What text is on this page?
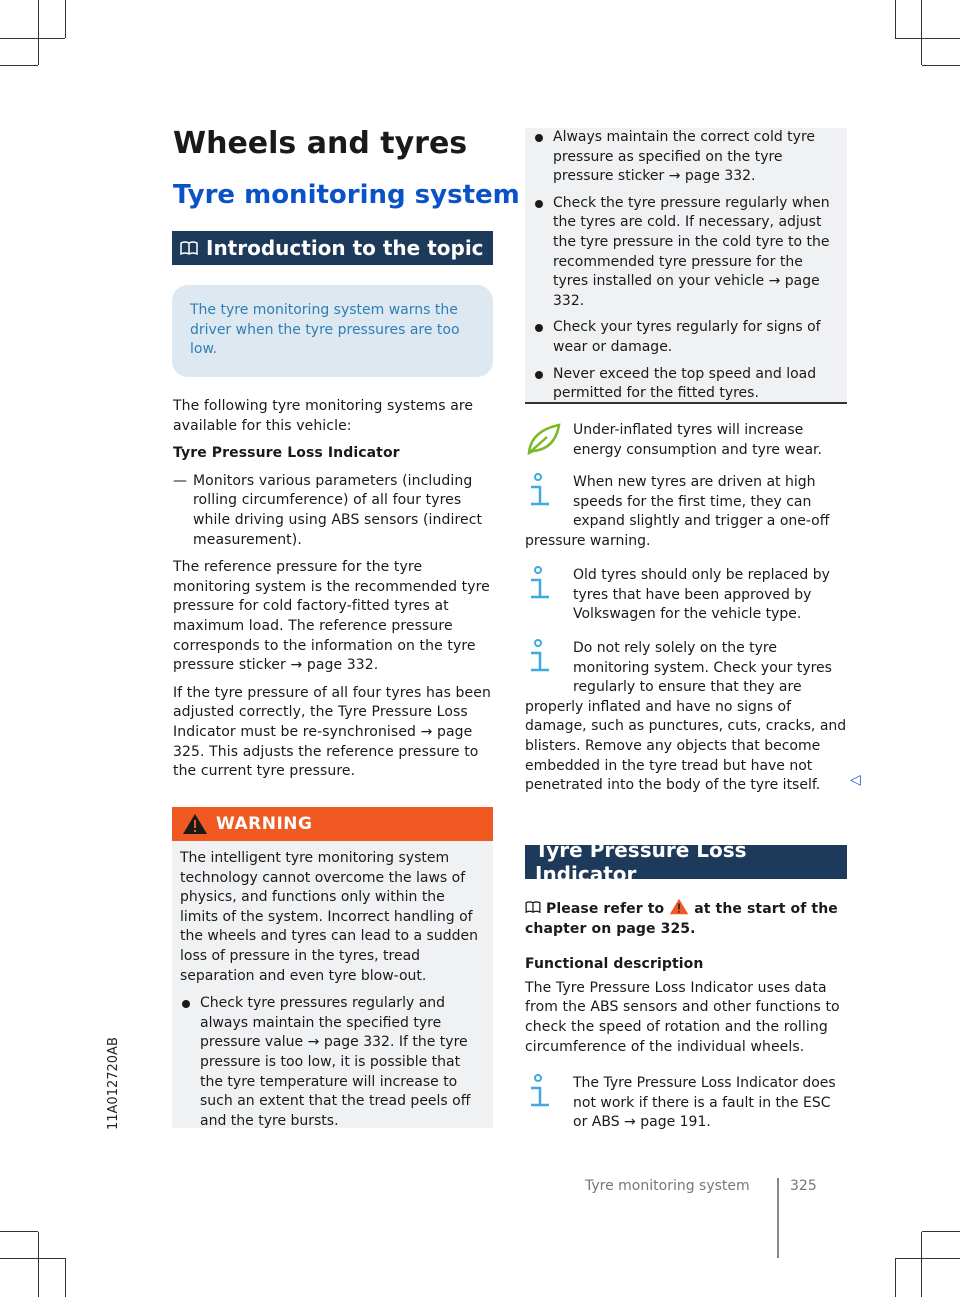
Wheels and tyres
Tyre monitoring system
Introduction to the topic
The tyre monitoring system warns the driver when the tyre pressures are too low.

The following tyre monitoring systems are available for this vehicle:

Tyre Pressure Loss Indicator

— Monitors various parameters (including rolling circumference) of all four tyres while driving using ABS sensors (indirect measurement).

The reference pressure for the tyre monitoring system is the recommended tyre pressure for cold factory-fitted tyres at maximum load. The reference pressure corresponds to the information on the tyre pressure sticker → page 332.

If the tyre pressure of all four tyres has been adjusted correctly, the Tyre Pressure Loss Indicator must be re-synchronised → page 325. This adjusts the reference pressure to the current tyre pressure.

WARNING

The intelligent tyre monitoring system technology cannot overcome the laws of physics, and functions only within the limits of the system. Incorrect handling of the wheels and tyres can lead to a sudden loss of pressure in the tyres, tread separation and even tyre blow-out.

Check tyre pressures regularly and always maintain the specified tyre pressure value → page 332. If the tyre pressure is too low, it is possible that the tyre temperature will increase to such an extent that the tread peels off and the tyre bursts.
Always maintain the correct cold tyre pressure as specified on the tyre pressure sticker → page 332.
Check the tyre pressure regularly when the tyres are cold. If necessary, adjust the tyre pressure in the cold tyre to the recommended tyre pressure for the tyres installed on your vehicle → page 332.
Check your tyres regularly for signs of wear or damage.
Never exceed the top speed and load permitted for the fitted tyres.
Under-inflated tyres will increase energy consumption and tyre wear.
When new tyres are driven at high speeds for the first time, they can expand slightly and trigger a one-off pressure warning.
Old tyres should only be replaced by tyres that have been approved by Volkswagen for the vehicle type.
Do not rely solely on the tyre monitoring system. Check your tyres regularly to ensure that they are properly inflated and have no signs of damage, such as punctures, cuts, cracks, and blisters. Remove any objects that become embedded in the tyre tread but have not penetrated into the body of the tyre itself.	◁
Tyre Pressure Loss Indicator

Please refer to at the start of the chapter on page 325.

Functional description

The Tyre Pressure Loss Indicator uses data from the ABS sensors and other functions to check the speed of rotation and the rolling circumference of the individual wheels.

The Tyre Pressure Loss Indicator does not work if there is a fault in the ESC or ABS → page 191.
Tyre monitoring system	325
11A012720AB
